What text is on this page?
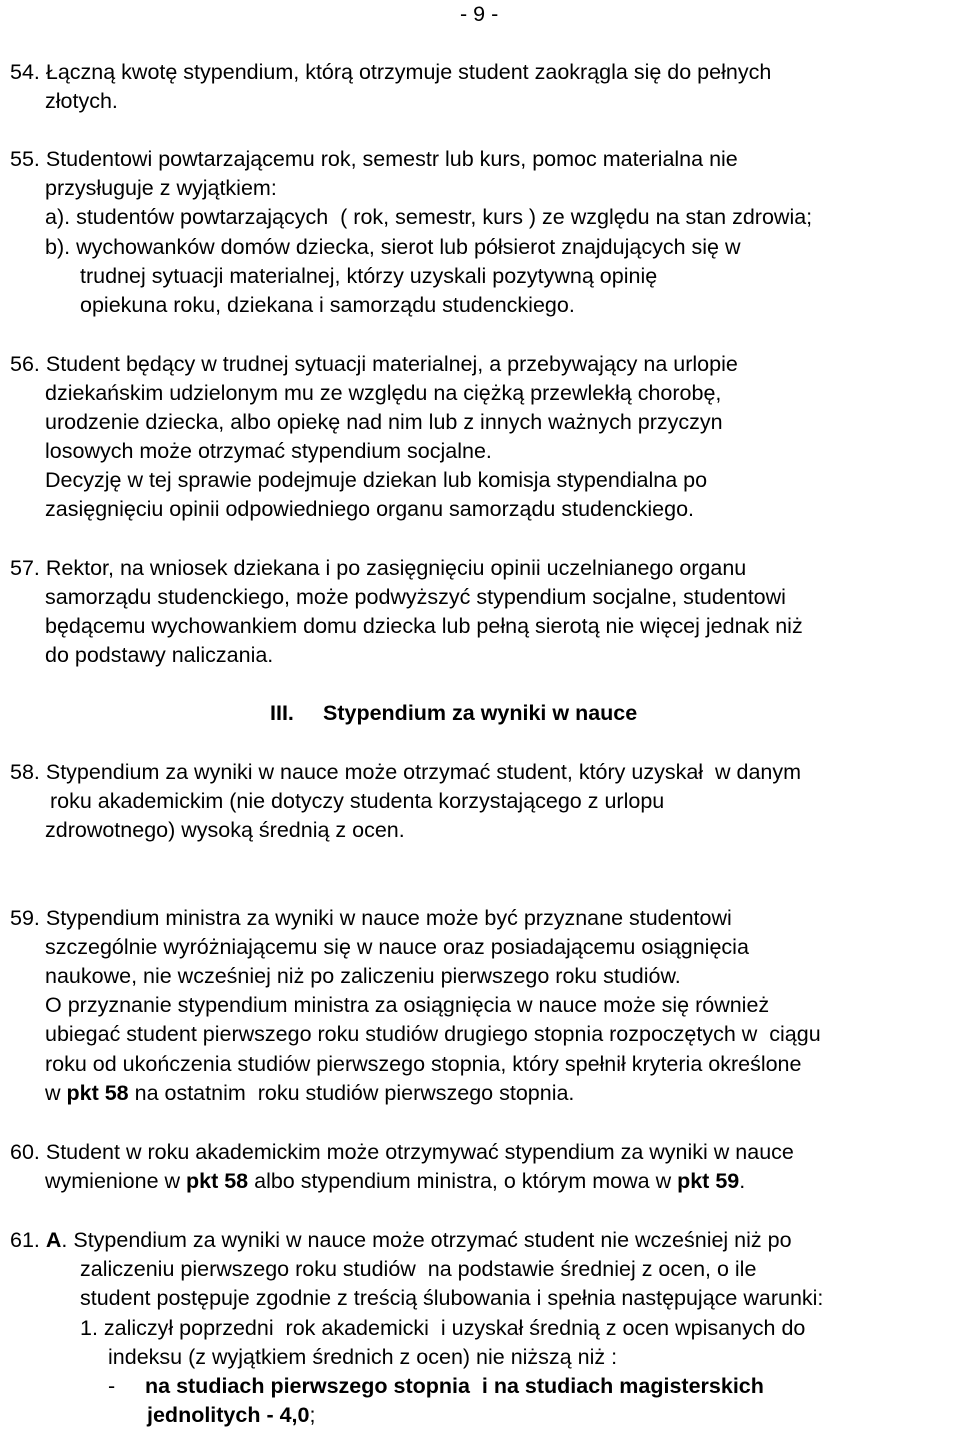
- 9 -
54. Łączną kwotę stypendium, którą otrzymuje student zaokrągla się do pełnych
złotych.
55. Studentowi powtarzającemu rok, semestr lub kurs, pomoc materialna nie
przysługuje z wyjątkiem:
a). studentów powtarzających  ( rok, semestr, kurs ) ze względu na stan zdrowia;
b). wychowanków domów dziecka, sierot lub półsierot znajdujących się w
trudnej sytuacji materialnej, którzy uzyskali pozytywną opinię
opiekuna roku, dziekana i samorządu studenckiego.
56. Student będący w trudnej sytuacji materialnej, a przebywający na urlopie
dziekańskim udzielonym mu ze względu na ciężką przewlekłą chorobę,
urodzenie dziecka, albo opiekę nad nim lub z innych ważnych przyczyn
losowych może otrzymać stypendium socjalne.
Decyzję w tej sprawie podejmuje dziekan lub komisja stypendialna po
zasięgnięciu opinii odpowiedniego organu samorządu studenckiego.
57. Rektor, na wniosek dziekana i po zasięgnięciu opinii uczelnianego organu
samorządu studenckiego, może podwyższyć stypendium socjalne, studentowi
będącemu wychowankiem domu dziecka lub pełną sierotą nie więcej jednak niż
do podstawy naliczania.
III. Stypendium za wyniki w nauce
58. Stypendium za wyniki w nauce może otrzymać student, który uzyskał  w danym
roku akademickim (nie dotyczy studenta korzystającego z urlopu
zdrowotnego) wysoką średnią z ocen.
59. Stypendium ministra za wyniki w nauce może być przyznane studentowi
szczególnie wyróżniającemu się w nauce oraz posiadającemu osiągnięcia
naukowe, nie wcześniej niż po zaliczeniu pierwszego roku studiów.
O przyznanie stypendium ministra za osiągnięcia w nauce może się również
ubiegać student pierwszego roku studiów drugiego stopnia rozpoczętych w  ciągu
roku od ukończenia studiów pierwszego stopnia, który spełnił kryteria określone
w pkt 58 na ostatnim  roku studiów pierwszego stopnia.
60. Student w roku akademickim może otrzymywać stypendium za wyniki w nauce
wymienione w pkt 58 albo stypendium ministra, o którym mowa w pkt 59.
61. A. Stypendium za wyniki w nauce może otrzymać student nie wcześniej niż po
zaliczeniu pierwszego roku studiów  na podstawie średniej z ocen, o ile
student postępuje zgodnie z treścią ślubowania i spełnia następujące warunki:
1. zaliczył poprzedni  rok akademicki  i uzyskał średnią z ocen wpisanych do
indeksu (z wyjątkiem średnich z ocen) nie niższą niż :
- na studiach pierwszego stopnia  i na studiach magisterskich
jednolitych - 4,0;
